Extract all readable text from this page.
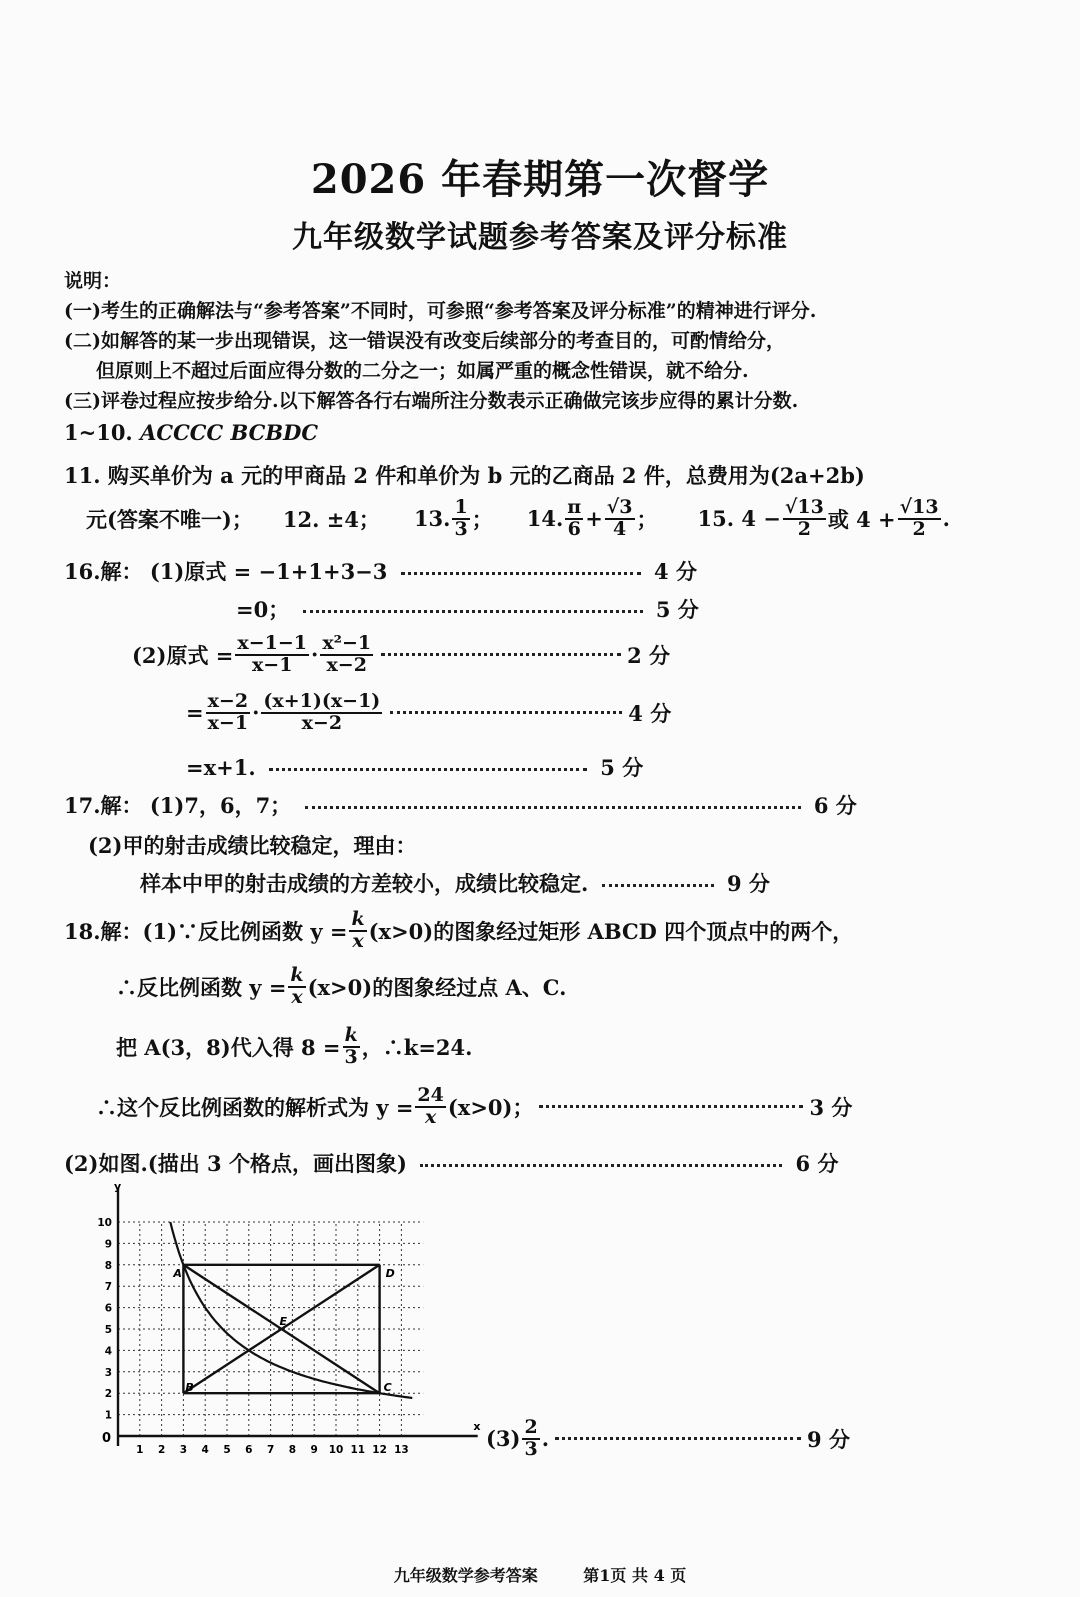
2026 年春期第一次督学
九年级数学试题参考答案及评分标准
说明：
(一)考生的正确解法与“参考答案”不同时，可参照“参考答案及评分标准”的精神进行评分.
(二)如解答的某一步出现错误，这一错误没有改变后续部分的考查目的，可酌情给分，
但原则上不超过后面应得分数的二分之一；如属严重的概念性错误，就不给分.
(三)评卷过程应按步给分.以下解答各行右端所注分数表示正确做完该步应得的累计分数.
1~10. ACCCC BCBDC
11. 购买单价为 a 元的甲商品 2 件和单价为 b 元的乙商品 2 件，总费用为(2a+2b)
元(答案不唯一)； 12. ±4； 13. $\frac{1}{3}$ ； 14. $\frac{\pi}{6} + \frac{√3}{4}$ ； 15. $4 - \frac{√13}{2}$ 或 $4 + \frac{√13}{2}$ .
16.解： (1)原式 = −1+1+3−3	4 分
=0；	5 分
(2)原式 = $\frac{x-1-1}{x-1} \cdot \frac{\text{x²−1}}{x-2}$	2 分
= $\frac{x-2}{x-1} \cdot \frac{(x+1)(x-1)}{x-2}$	4 分
=x+1.	5 分
17.解： (1)7，6，7；	6 分
(2)甲的射击成绩比较稳定，理由：
样本中甲的射击成绩的方差较小，成绩比较稳定.	9 分
18.解： (1)∵反比例函数 $y = \frac{k}{x} (x>0)$的图象经过矩形 ABCD 四个顶点中的两个，
∴反比例函数 $y = \frac{k}{x} (x>0)$的图象经过点 A、C.
把 A(3，8)代入得 $8 = \frac{k}{3}$ ，∴k=24.
∴这个反比例函数的解析式为 $y = \frac{24}{x} (x>0)$；	3 分
(2)如图.(描出 3 个格点，画出图象)	6 分
y
x
0
1 2 3 4 5 6 7 8 9 10 11 12 13
1
2
3
4
5
6
7
8
9
10
A
B	C
D
E
$(3) \frac{2}{3}$ .	9 分
九年级数学参考答案	第1页 共 4 页
